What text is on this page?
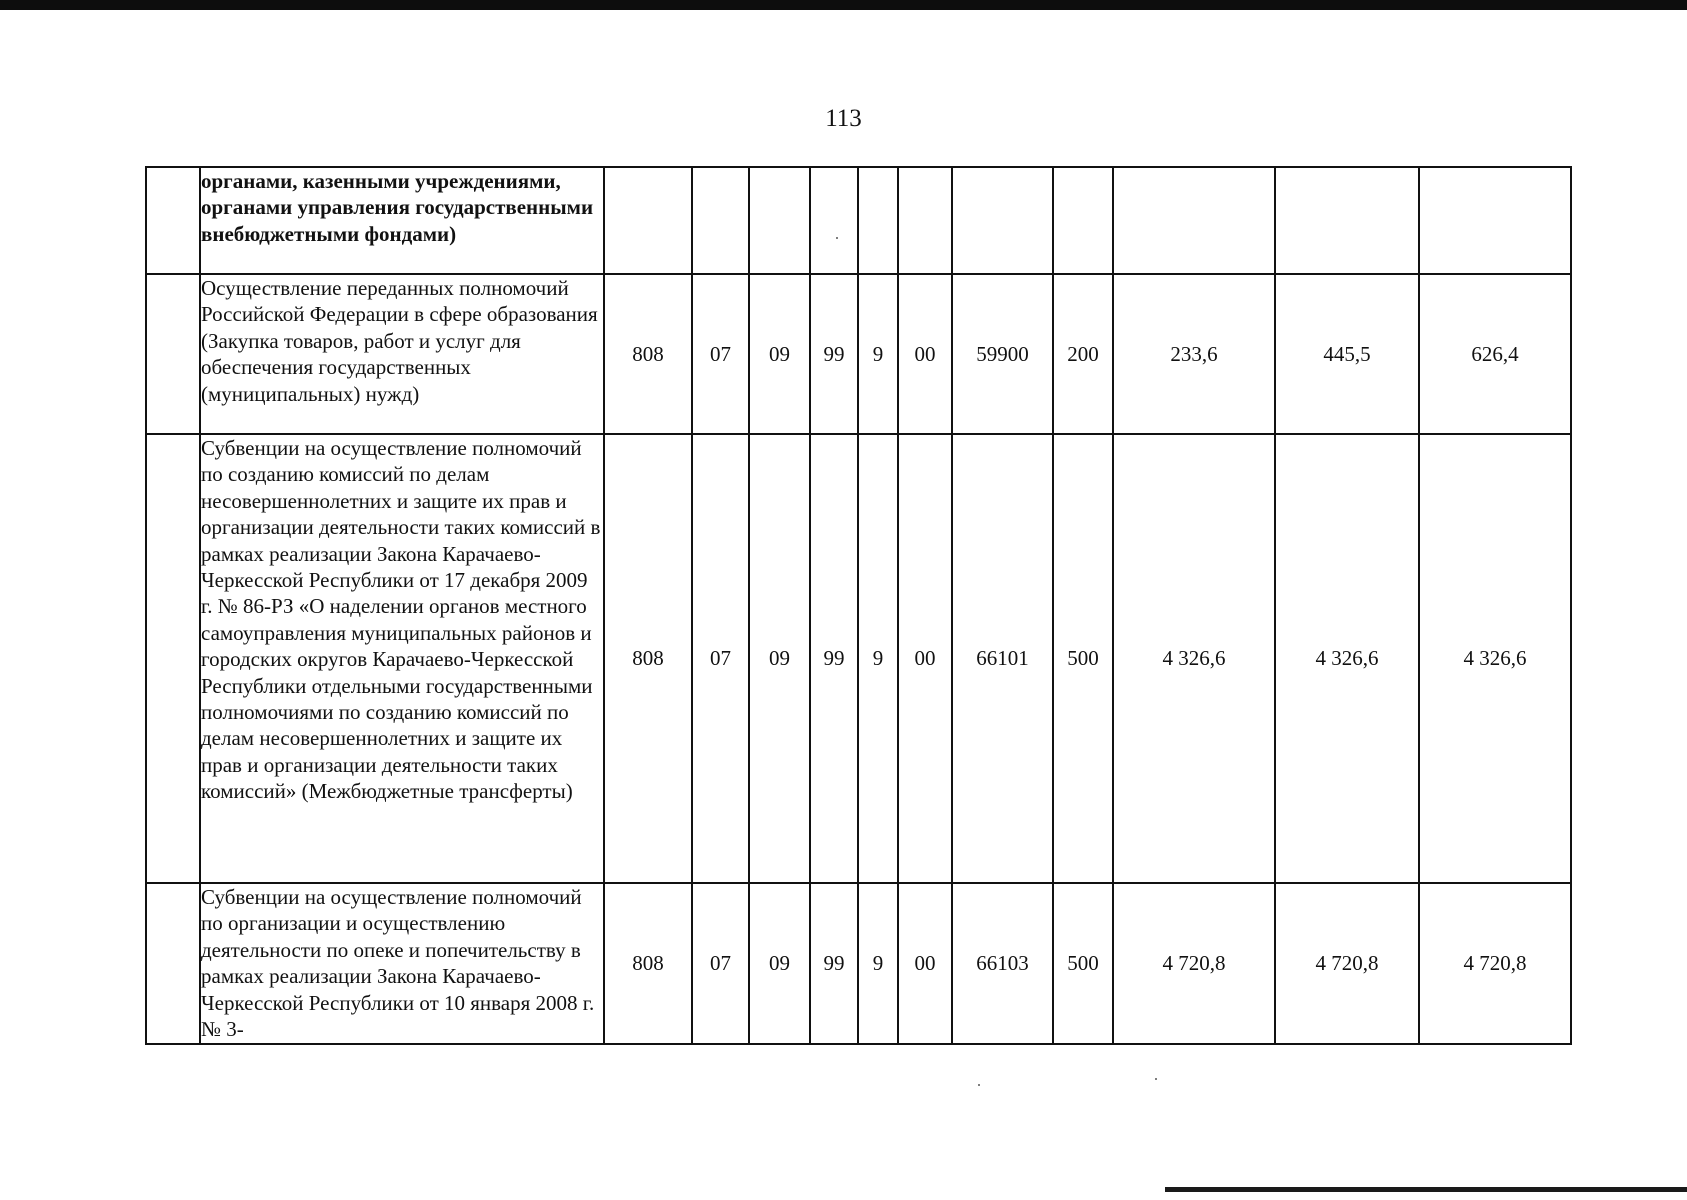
113
	органами, казенными учреждениями, органами управления государственными внебюджетными фондами)											
	Осуществление переданных полномочий Российской Федерации в сфере образования (Закупка товаров, работ и услуг для обеспечения государственных (муниципальных) нужд)	808	07	09	99	9	00	59900	200	233,6	445,5	626,4
	Субвенции на осуществление полномочий по созданию комиссий по делам несовершеннолетних и защите их прав и организации деятельности таких комиссий в рамках реализации Закона Карачаево-Черкесской Республики от 17 декабря 2009 г. № 86-РЗ «О наделении органов местного самоуправления муниципальных районов и городских округов Карачаево-Черкесской Республики отдельными государственными полномочиями по созданию комиссий по делам несовершеннолетних и защите их прав и организации деятельности таких комиссий» (Межбюджетные трансферты)	808	07	09	99	9	00	66101	500	4 326,6	4 326,6	4 326,6
	Субвенции на осуществление полномочий по организации и осуществлению деятельности по опеке и попечительству в рамках реализации Закона Карачаево-Черкесской Республики от 10 января 2008 г. № 3-	808	07	09	99	9	00	66103	500	4 720,8	4 720,8	4 720,8
